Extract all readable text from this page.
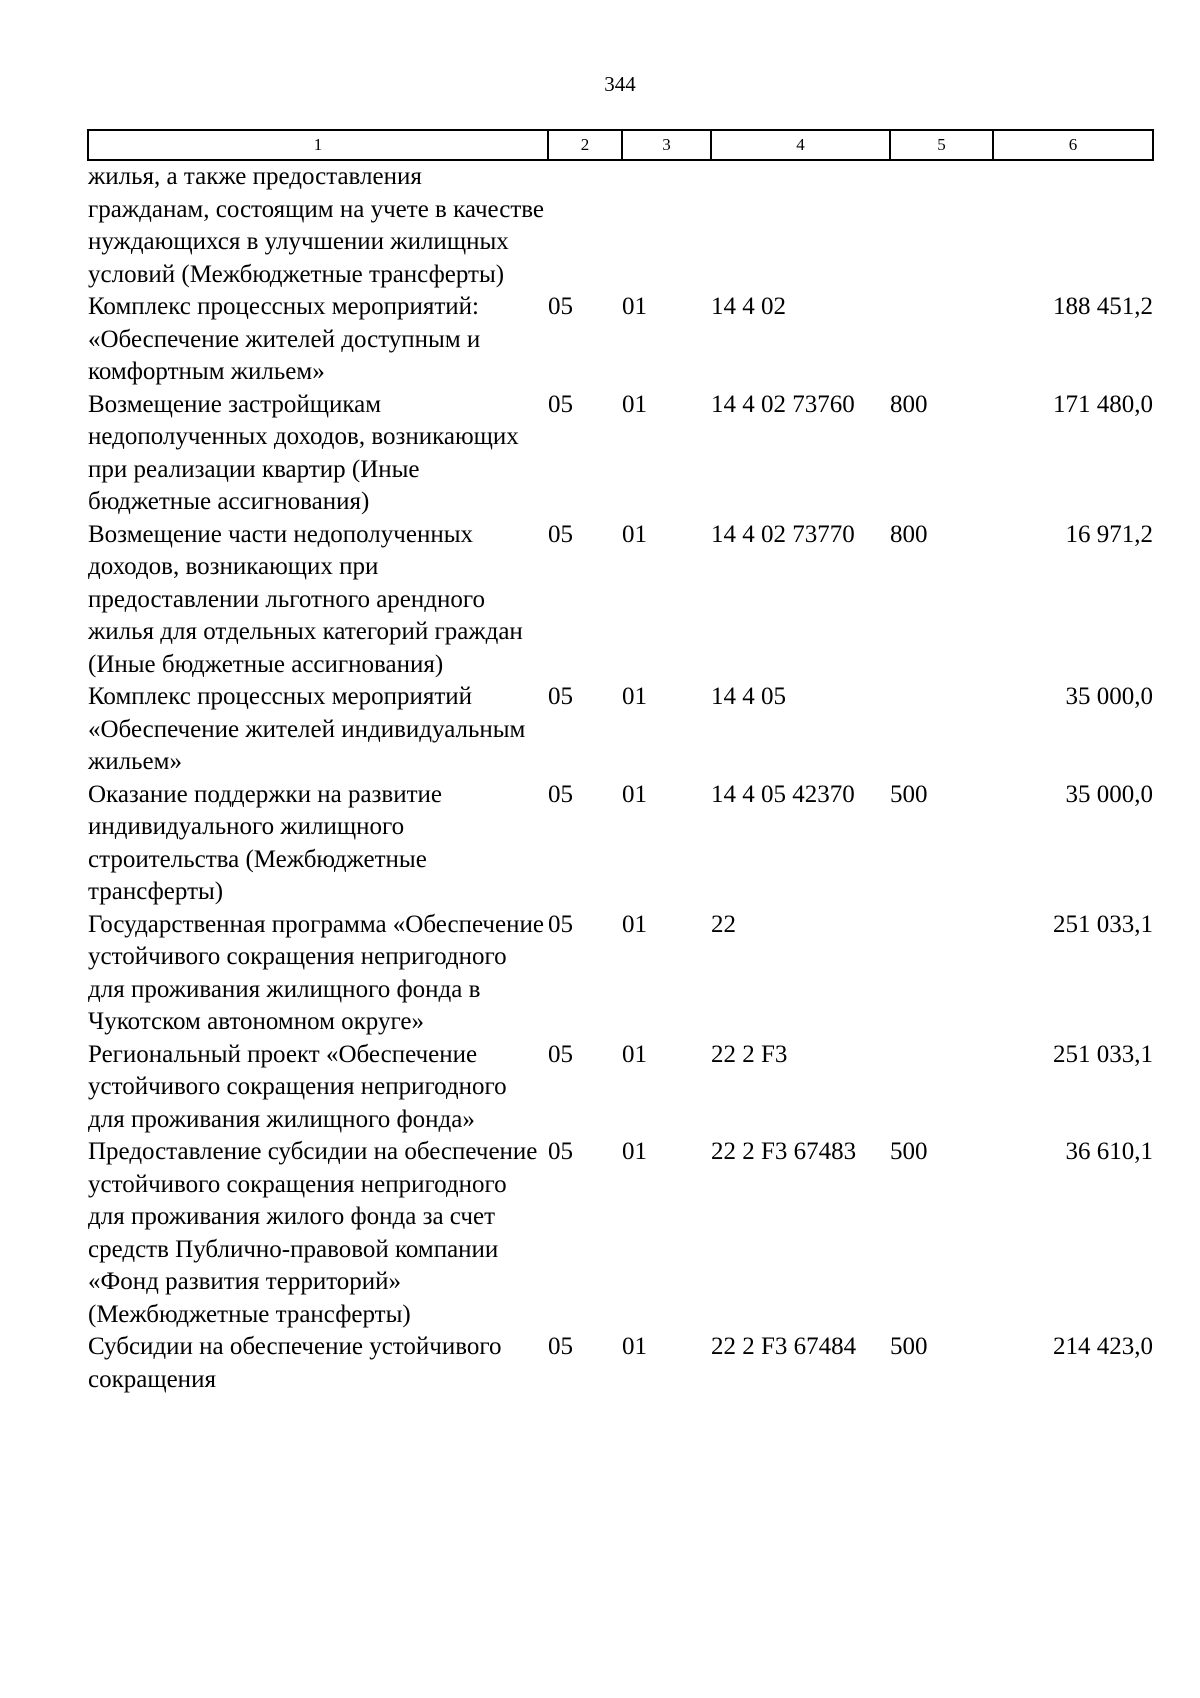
344
1	2	3	4	5	6
жилья, а также предоставления гражданам, состоящим на учете в качестве нуждающихся в улучшении жилищных условий (Межбюджетные трансферты)					
Комплекс процессных мероприятий: «Обеспечение жителей доступным и комфортным жильем»	05	01	14 4 02		188 451,2
Возмещение застройщикам недополученных доходов, возникающих при реализации квартир (Иные бюджетные ассигнования)	05	01	14 4 02 73760	800	171 480,0
Возмещение части недополученных доходов, возникающих при предоставлении льготного арендного жилья для отдельных категорий граждан (Иные бюджетные ассигнования)	05	01	14 4 02 73770	800	16 971,2
Комплекс процессных мероприятий «Обеспечение жителей индивидуальным жильем»	05	01	14 4 05		35 000,0
Оказание поддержки на развитие индивидуального жилищного строительства (Межбюджетные трансферты)	05	01	14 4 05 42370	500	35 000,0
Государственная программа «Обеспечение устойчивого сокращения непригодного для проживания жилищного фонда в Чукотском автономном округе»	05	01	22		251 033,1
Региональный проект «Обеспечение устойчивого сокращения непригодного для проживания жилищного фонда»	05	01	22 2 F3		251 033,1
Предоставление субсидии на обеспечение устойчивого сокращения непригодного для проживания жилого фонда за счет средств Публично-правовой компании «Фонд развития территорий» (Межбюджетные трансферты)	05	01	22 2 F3 67483	500	36 610,1
Субсидии на обеспечение устойчивого сокращения	05	01	22 2 F3 67484	500	214 423,0
